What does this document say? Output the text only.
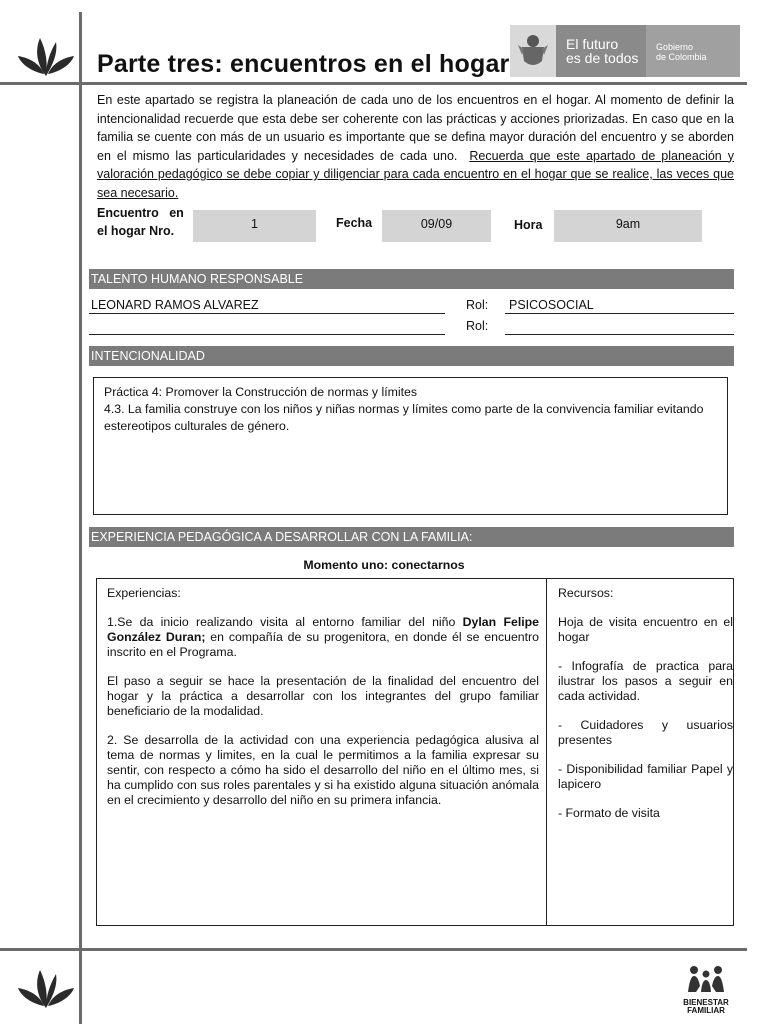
Parte tres: encuentros en el hogar
El futuro
es de todos
Gobierno
de Colombia
En este apartado se registra la planeación de cada uno de los encuentros en el hogar. Al momento de definir la intencionalidad recuerde que esta debe ser coherente con las prácticas y acciones priorizadas. En caso que en la familia se cuente con más de un usuario es importante que se defina mayor duración del encuentro y se aborden en el mismo las particularidades y necesidades de cada uno. Recuerda que este apartado de planeación y valoración pedagógico se debe copiar y diligenciar para cada encuentro en el hogar que se realice, las veces que sea necesario.
Encuentro   en
el hogar Nro.	1	Fecha	09/09	Hora	9am
TALENTO HUMANO RESPONSABLE
LEONARD RAMOS ALVAREZ	Rol: PSICOSOCIAL
Rol:
INTENCIONALIDAD
Práctica 4: Promover la Construcción de normas y límites
4.3. La familia construye con los niños y niñas normas y límites como parte de la convivencia familiar evitando estereotipos culturales de género.
EXPERIENCIA PEDAGÓGICA A DESARROLLAR CON LA FAMILIA:
Momento uno: conectarnos
Experiencias:
1.Se da inicio realizando visita al entorno familiar del niño Dylan Felipe González Duran; en compañía de su progenitora, en donde él se encuentro inscrito en el Programa.
El paso a seguir se hace la presentación de la finalidad del encuentro del hogar y la práctica a desarrollar con los integrantes del grupo familiar beneficiario de la modalidad.
2. Se desarrolla de la actividad con una experiencia pedagógica alusiva al tema de normas y limites, en la cual le permitimos a la familia expresar su sentir, con respecto a cómo ha sido el desarrollo del niño en el último mes, si ha cumplido con sus roles parentales y si ha existido alguna situación anómala en el crecimiento y desarrollo del niño en su primera infancia.
Recursos:
Hoja de visita encuentro en el hogar
- Infografía de practica para ilustrar los pasos a seguir en cada actividad.
-   Cuidadores   y   usuarios presentes
- Disponibilidad familiar Papel y lapicero
- Formato de visita
BIENESTAR
FAMILIAR
